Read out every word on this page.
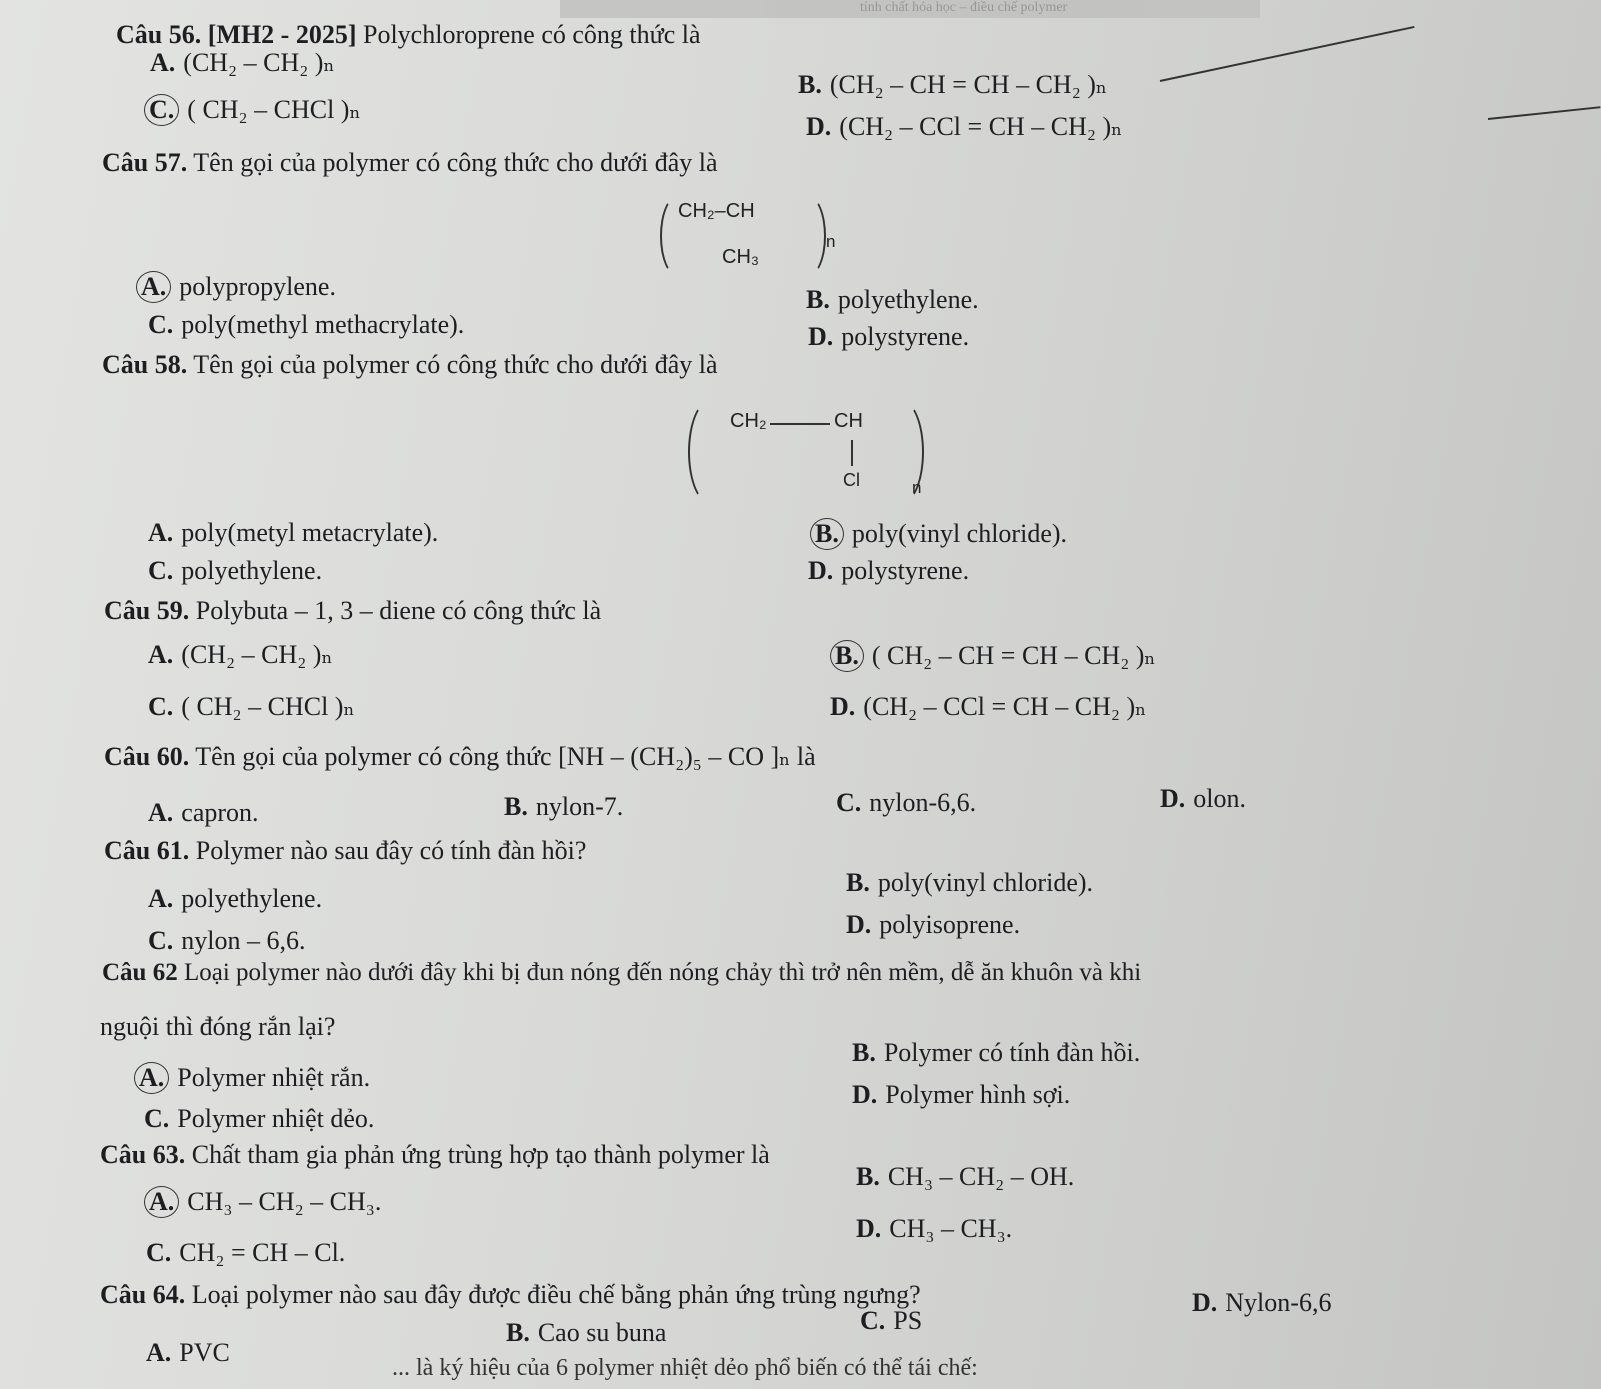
tính chất hóa học – điều chế polymer
Câu 56. [MH2 - 2025] Polychloroprene có công thức là
A. (CH₂ – CH₂ )ₙ
B. (CH₂ – CH = CH – CH₂ )ₙ
C. ( CH₂ – CHCl )ₙ
D. (CH₂ – CCl = CH – CH₂ )ₙ
Câu 57. Tên gọi của polymer có công thức cho dưới đây là
CH₂–CH
CH₃
n
A. polypropylene.	B. polyethylene.
C. poly(methyl methacrylate).	D. polystyrene.
Câu 58. Tên gọi của polymer có công thức cho dưới đây là
CH₂	CH
Cl	n
A. poly(metyl metacrylate).	B. poly(vinyl chloride).
C. polyethylene.	D. polystyrene.
Câu 59. Polybuta – 1, 3 – diene có công thức là
A. (CH₂ – CH₂ )ₙ	B. ( CH₂ – CH = CH – CH₂ )ₙ
C. ( CH₂ – CHCl )ₙ	D. (CH₂ – CCl = CH – CH₂ )ₙ
Câu 60. Tên gọi của polymer có công thức [NH – (CH₂)₅ – CO ]ₙ là
A. capron.	B. nylon-7.	C. nylon-6,6.	D. olon.
Câu 61. Polymer nào sau đây có tính đàn hồi?
A. polyethylene.
B. poly(vinyl chloride).
C. nylon – 6,6.
D. polyisoprene.
Câu 62 Loại polymer nào dưới đây khi bị đun nóng đến nóng chảy thì trở nên mềm, dễ ăn khuôn và khi
nguội thì đóng rắn lại?
A. Polymer nhiệt rắn.
B. Polymer có tính đàn hồi.
C. Polymer nhiệt dẻo.
D. Polymer hình sợi.
Câu 63. Chất tham gia phản ứng trùng hợp tạo thành polymer là
A. CH₃ – CH₂ – CH₃.
B. CH₃ – CH₂ – OH.
C. CH₂ = CH – Cl.
D. CH₃ – CH₃.
Câu 64. Loại polymer nào sau đây được điều chế bằng phản ứng trùng ngưng?
A. PVC
B. Cao su buna	C. PS
D. Nylon-6,6
... là ký hiệu của 6 polymer nhiệt dẻo phổ biến có thể tái chế:
